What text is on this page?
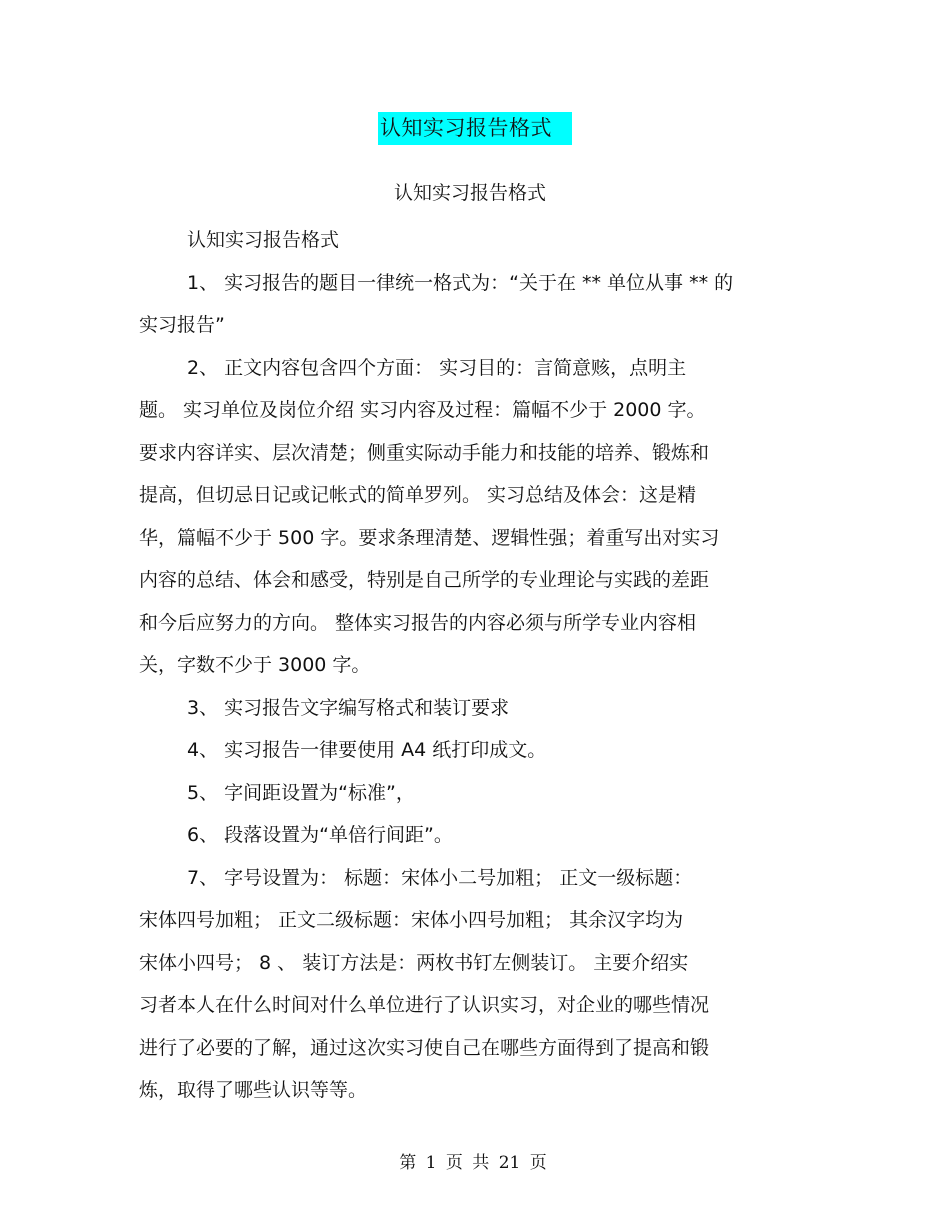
认知实习报告格式
认知实习报告格式
认知实习报告格式
1、 实习报告的题目一律统一格式为：“关于在 ** 单位从事 ** 的
实习报告”
2、 正文内容包含四个方面： 实习目的：言简意赅，点明主
题。 实习单位及岗位介绍 实习内容及过程：篇幅不少于 2000 字。
要求内容详实、层次清楚；侧重实际动手能力和技能的培养、锻炼和
提高，但切忌日记或记帐式的简单罗列。 实习总结及体会：这是精
华，篇幅不少于 500 字。要求条理清楚、逻辑性强；着重写出对实习
内容的总结、体会和感受，特别是自己所学的专业理论与实践的差距
和今后应努力的方向。 整体实习报告的内容必须与所学专业内容相
关，字数不少于 3000 字。
3、 实习报告文字编写格式和装订要求
4、 实习报告一律要使用 A4 纸打印成文。
5、 字间距设置为“标准”，
6、 段落设置为“单倍行间距”。
7、 字号设置为： 标题：宋体小二号加粗； 正文一级标题：
宋体四号加粗； 正文二级标题：宋体小四号加粗； 其余汉字均为
宋体小四号； 8 、 装订方法是：两枚书钉左侧装订。 主要介绍实
习者本人在什么时间对什么单位进行了认识实习，对企业的哪些情况
进行了必要的了解，通过这次实习使自己在哪些方面得到了提高和锻
炼，取得了哪些认识等等。
第 1 页 共 21 页
